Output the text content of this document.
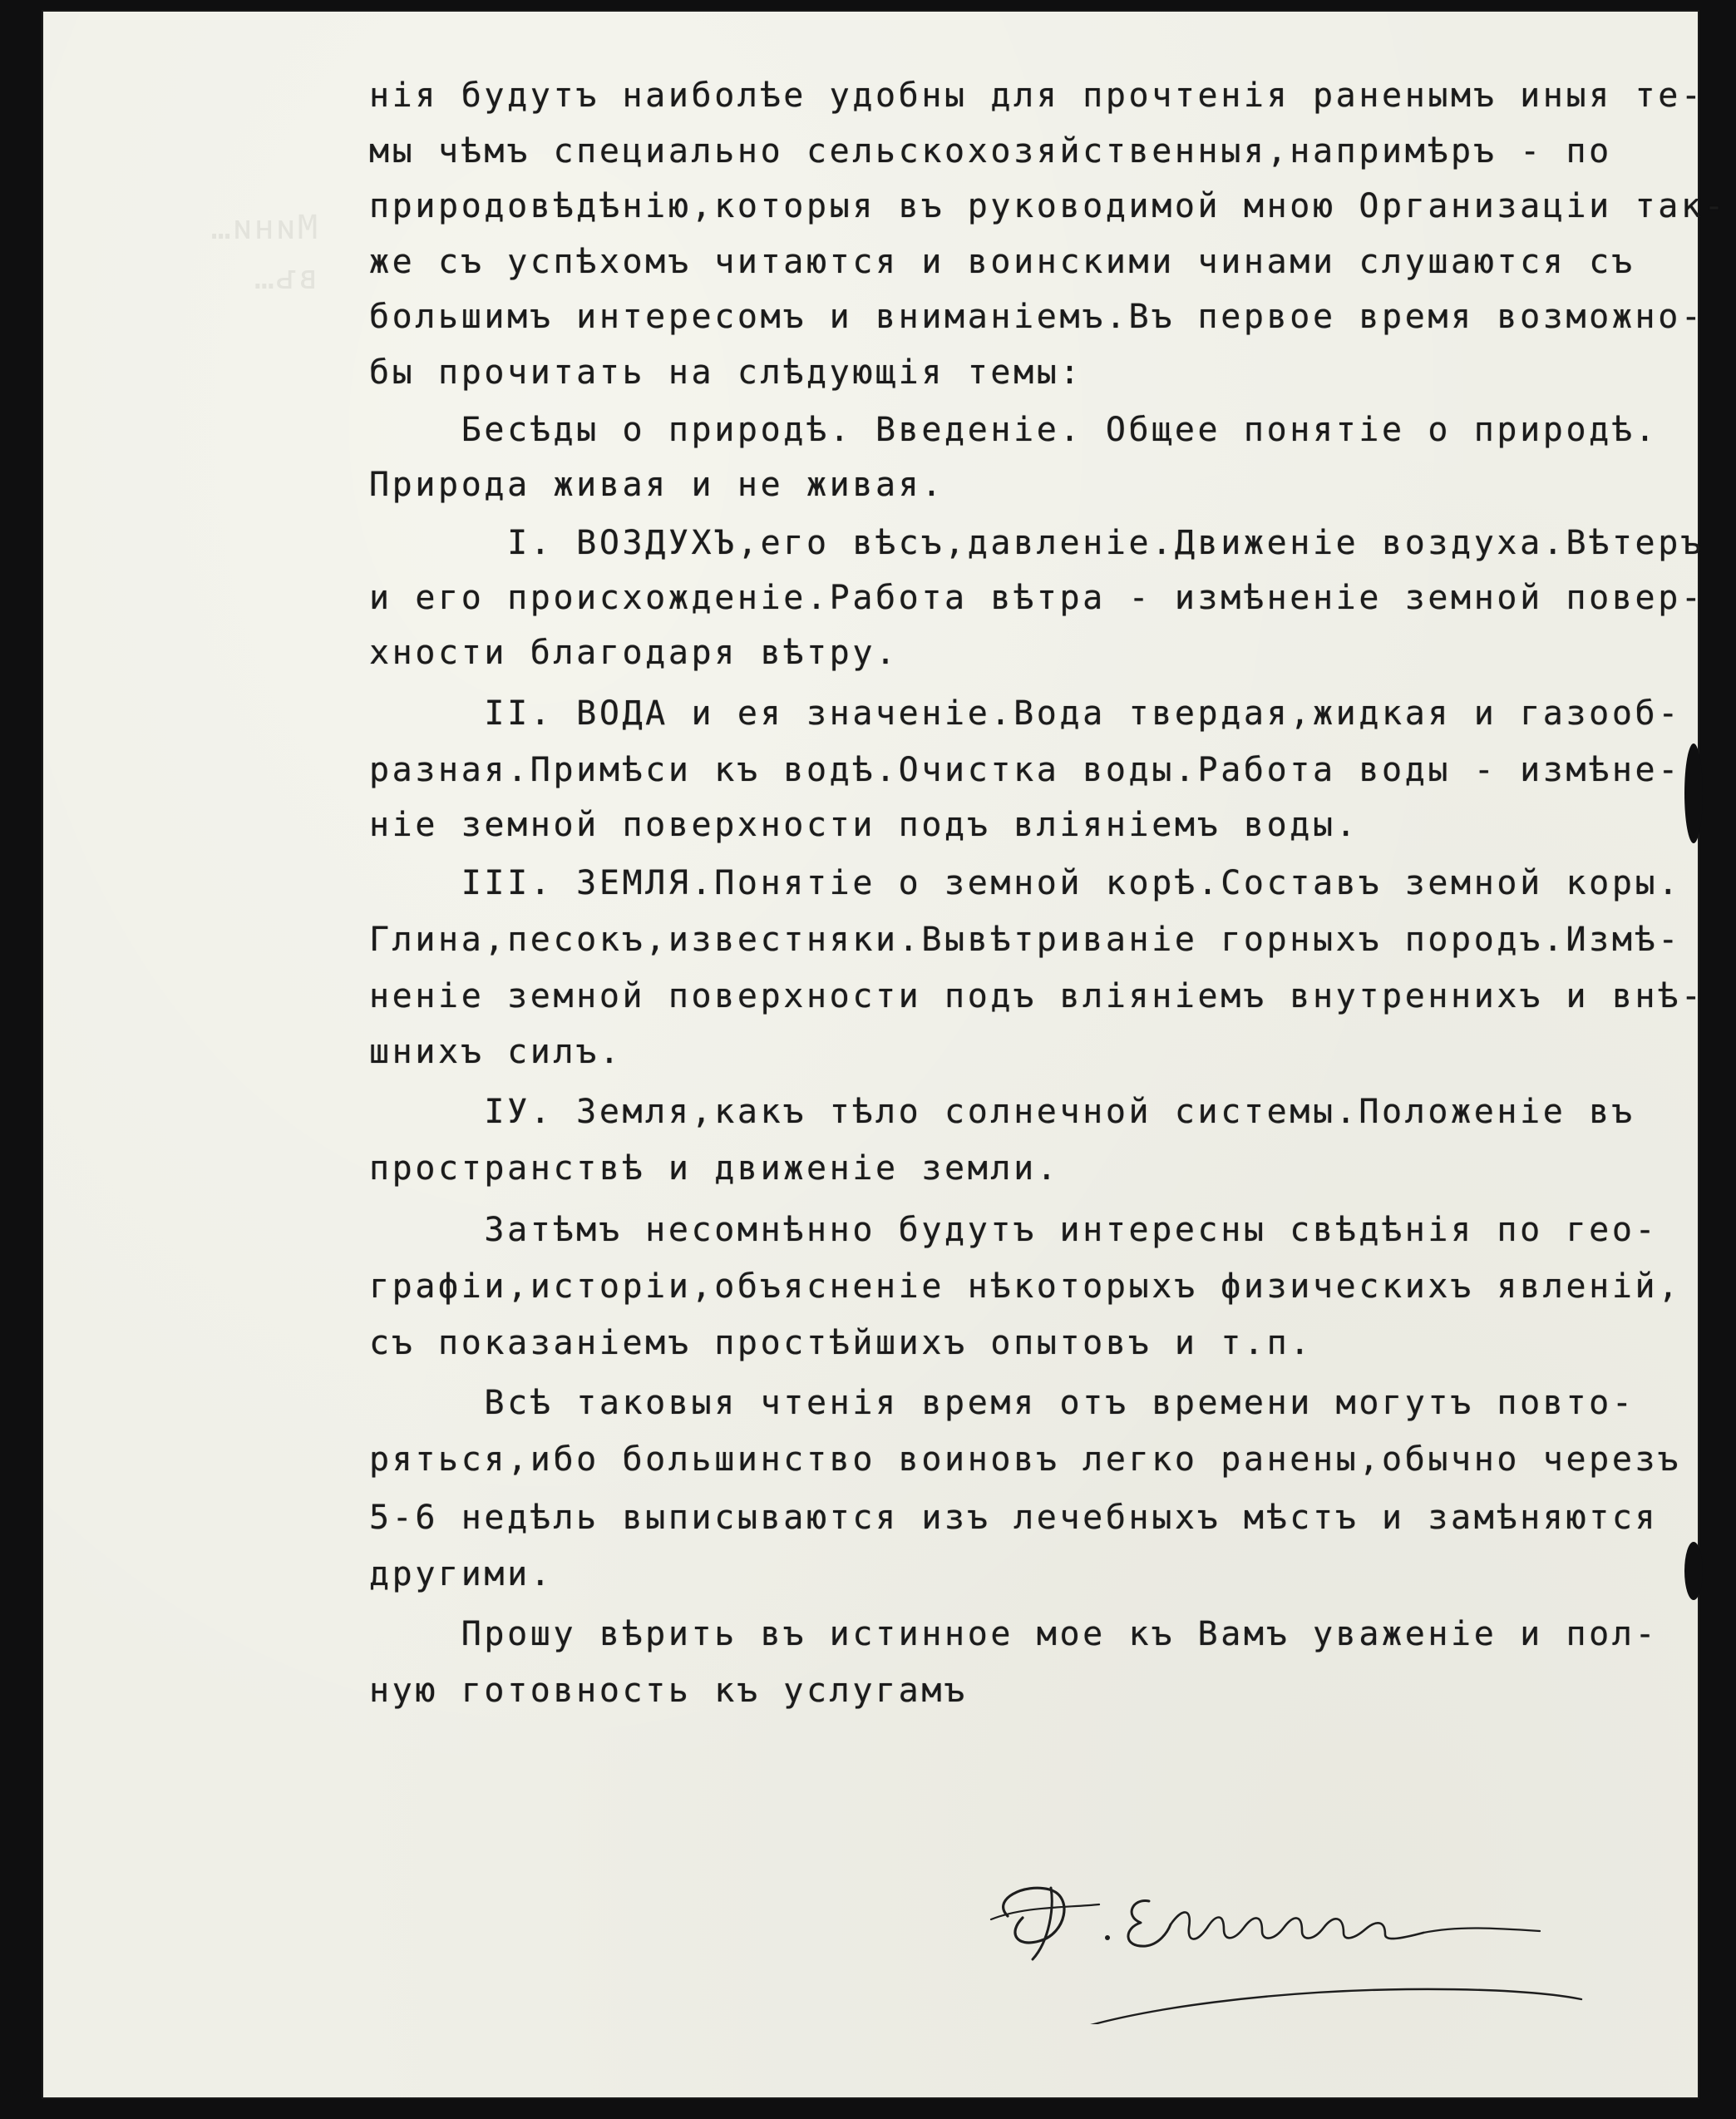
Мини…
въ…

нiя будутъ наиболѣе удобны для прочтенiя раненымъ иныя те-

мы чѣмъ специально сельскохозяйственныя,напримѣръ - по

природовѣдѣнiю,которыя въ руководимой мною Организацiи так-

же съ успѣхомъ читаются и воинскими чинами слушаются съ

большимъ интересомъ и вниманiемъ.Въ первое время возможно-

бы прочитать на слѣдующiя темы:

Бесѣды о природѣ. Введенiе. Общее понятiе о природѣ.

Природа живая и не живая.

I. ВОЗДУХЪ,его вѣсъ,давленiе.Движенiе воздуха.Вѣтеръ

и его происхожденiе.Работа вѣтра - измѣненiе земной повер-

хности благодаря вѣтру.

II. ВОДА и ея значенiе.Вода твердая,жидкая и газооб-

разная.Примѣси къ водѣ.Очистка воды.Работа воды - измѣне-

нiе земной поверхности подъ влiянiемъ воды.

III. ЗЕМЛЯ.Понятiе о земной корѣ.Составъ земной коры.

Глина,песокъ,известняки.Вывѣтриванiе горныхъ породъ.Измѣ-

ненiе земной поверхности подъ влiянiемъ внутреннихъ и внѣ-

шнихъ силъ.

IУ. Земля,какъ тѣло солнечной системы.Положенiе въ

пространствѣ и движенiе земли.

Затѣмъ несомнѣнно будутъ интересны свѣдѣнiя по гео-

графiи,исторiи,объясненiе нѣкоторыхъ физическихъ явленiй,

съ показанiемъ простѣйшихъ опытовъ и т.п.

Всѣ таковыя чтенiя время отъ времени могутъ повто-

ряться,ибо большинство воиновъ легко ранены,обычно черезъ

5-6 недѣль выписываются изъ лечебныхъ мѣстъ и замѣняются

другими.

Прошу вѣрить въ истинное мое къ Вамъ уваженiе и пол-

ную готовность къ услугамъ
